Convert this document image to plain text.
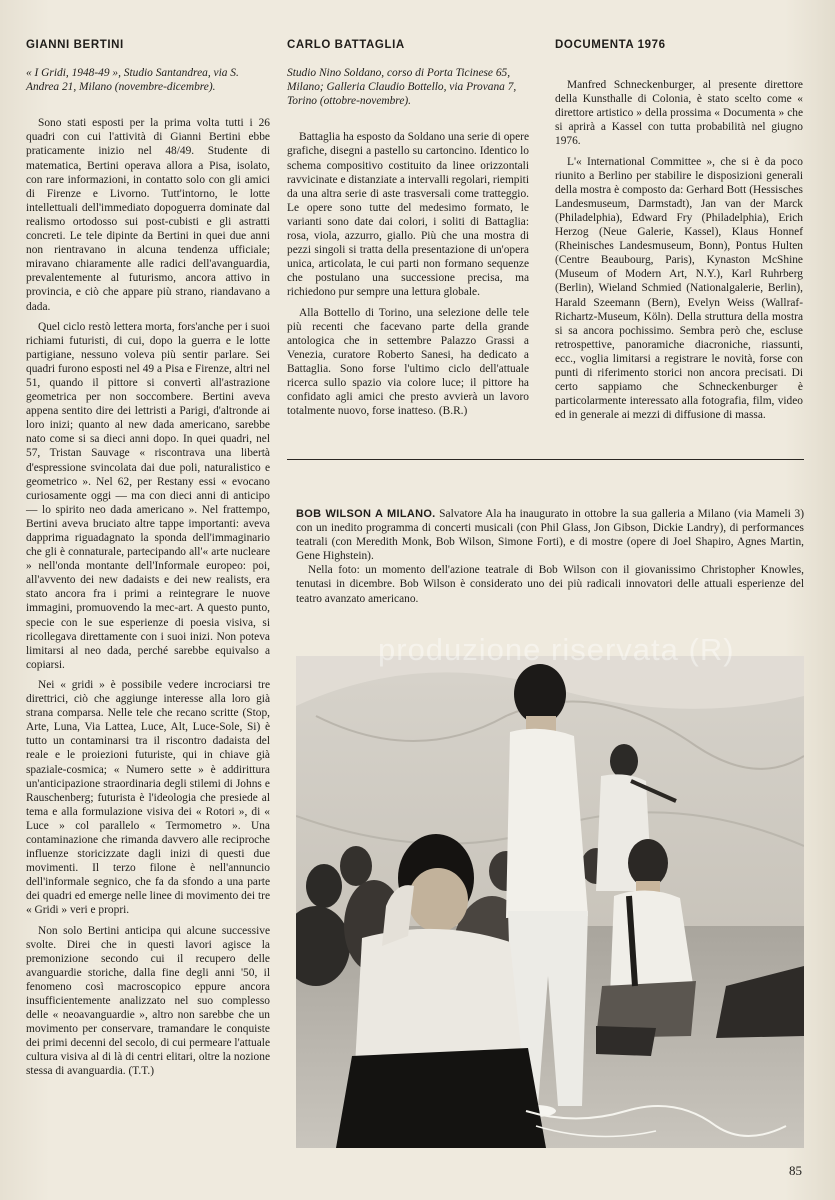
GIANNI BERTINI

« I Gridi, 1948-49 », Studio Santandrea, via S. Andrea 21, Milano (novembre-dicembre).

Sono stati esposti per la prima volta tutti i 26 quadri con cui l'attività di Gianni Bertini ebbe praticamente inizio nel 48/49. Studente di matematica, Bertini operava allora a Pisa, isolato, con rare informazioni, in contatto solo con gli amici di Firenze e Livorno. Tutt'intorno, le lotte intellettuali dell'immediato dopoguerra dominate dal realismo ortodosso sui post-cubisti e gli astratti concreti. Le tele dipinte da Bertini in quei due anni non rientravano in alcuna tendenza ufficiale; miravano chiaramente alle radici dell'avanguardia, prevalentemente al futurismo, ancora attivo in provincia, e ciò che appare più strano, riandavano a dada.

Quel ciclo restò lettera morta, fors'anche per i suoi richiami futuristi, di cui, dopo la guerra e le lotte partigiane, nessuno voleva più sentir parlare. Sei quadri furono esposti nel 49 a Pisa e Firenze, altri nel 51, quando il pittore si convertì all'astrazione geometrica per non soccombere. Bertini aveva appena sentito dire dei lettristi a Parigi, d'altronde ai loro inizi; quanto al new dada americano, sarebbe nato come si sa dieci anni dopo. In quei quadri, nel 57, Tristan Sauvage « riscontrava una libertà d'espressione svincolata dai due poli, naturalistico e geometrico ». Nel 62, per Restany essi « evocano curiosamente oggi — ma con dieci anni di anticipo — lo spirito neo dada americano ». Nel frattempo, Bertini aveva bruciato altre tappe importanti: aveva dapprima riguadagnato la sponda dell'immaginario che gli è connaturale, partecipando all'« arte nucleare » nell'onda montante dell'Informale europeo: poi, all'avvento dei new dadaists e dei new realists, era stato ancora fra i primi a reintegrare le nuove immagini, promuovendo la mec-art. A questo punto, specie con le sue esperienze di poesia visiva, si ricollegava direttamente con i suoi inizi. Non poteva limitarsi al neo dada, perché sarebbe equivalso a copiarsi.

Nei « gridi » è possibile vedere incrociarsi tre direttrici, ciò che aggiunge interesse alla loro già strana comparsa. Nelle tele che recano scritte (Stop, Arte, Luna, Via Lattea, Luce, Alt, Luce-Sole, Si) è tutto un contaminarsi tra il riscontro dadaista del reale e le proiezioni futuriste, qui in chiave già spaziale-cosmica; « Numero sette » è addirittura un'anticipazione straordinaria degli stilemi di Johns e Rauschenberg; futurista è l'ideologia che presiede al tema e alla formulazione visiva dei « Rotori », di « Luce » col parallelo « Termometro ». Una contaminazione che rimanda davvero alle reciproche influenze storicizzate dagli inizi di questi due movimenti. Il terzo filone è nell'annuncio dell'informale segnico, che fa da sfondo a una parte dei quadri ed emerge nelle linee di movimento dei tre « Gridi » veri e propri.

Non solo Bertini anticipa qui alcune successive svolte. Direi che in questi lavori agisce la premonizione secondo cui il recupero delle avanguardie storiche, dalla fine degli anni '50, il fenomeno così macroscopico eppure ancora insufficientemente analizzato nel suo complesso delle « neoavanguardie », altro non sarebbe che un movimento per conservare, tramandare le conquiste dei primi decenni del secolo, di cui permeare l'attuale cultura visiva al di là di centri elitari, oltre la nozione stessa di avanguardia. (T.T.)

CARLO BATTAGLIA

Studio Nino Soldano, corso di Porta Ticinese 65, Milano; Galleria Claudio Bottello, via Provana 7, Torino (ottobre-novembre).

Battaglia ha esposto da Soldano una serie di opere grafiche, disegni a pastello su cartoncino. Identico lo schema compositivo costituito da linee orizzontali ravvicinate e distanziate a intervalli regolari, riempiti da una altra serie di aste trasversali come tratteggio. Le opere sono tutte del medesimo formato, le varianti sono date dai colori, i soliti di Battaglia: rosa, viola, azzurro, giallo. Più che una mostra di pezzi singoli si tratta della presentazione di un'opera unica, articolata, le cui parti non formano sequenze che postulano una successione precisa, ma richiedono pur sempre una lettura globale.

Alla Bottello di Torino, una selezione delle tele più recenti che facevano parte della grande antologica che in settembre Palazzo Grassi a Venezia, curatore Roberto Sanesi, ha dedicato a Battaglia. Sono forse l'ultimo ciclo dell'attuale ricerca sullo spazio via colore luce; il pittore ha confidato agli amici che presto avvierà un lavoro totalmente nuovo, forse inatteso. (B.R.)

DOCUMENTA 1976

Manfred Schneckenburger, al presente direttore della Kunsthalle di Colonia, è stato scelto come « direttore artistico » della prossima « Documenta » che si aprirà a Kassel con tutta probabilità nel giugno 1976.

L'« International Committee », che si è da poco riunito a Berlino per stabilire le disposizioni generali della mostra è composto da: Gerhard Bott (Hessisches Landesmuseum, Darmstadt), Jan van der Marck (Philadelphia), Edward Fry (Philadelphia), Erich Herzog (Neue Galerie, Kassel), Klaus Honnef (Rheinisches Landesmuseum, Bonn), Pontus Hulten (Centre Beaubourg, Paris), Kynaston McShine (Museum of Modern Art, N.Y.), Karl Ruhrberg (Berlin), Wieland Schmied (Nationalgalerie, Berlin), Harald Szeemann (Bern), Evelyn Weiss (Wallraf-Richartz-Museum, Köln). Della struttura della mostra si sa ancora pochissimo. Sembra però che, escluse retrospettive, panoramiche diacroniche, riassunti, ecc., voglia limitarsi a registrare le novità, forse con punti di riferimento storici non ancora precisati. Di certo sappiamo che Schneckenburger è particolarmente interessato alla fotografia, film, video ed in generale ai mezzi di diffusione di massa.

BOB WILSON A MILANO. Salvatore Ala ha inaugurato in ottobre la sua galleria a Milano (via Mameli 3) con un inedito programma di concerti musicali (con Phil Glass, Jon Gibson, Dickie Landry), di performances teatrali (con Meredith Monk, Bob Wilson, Simone Forti), e di mostre (opere di Joel Shapiro, Agnes Martin, Gene Highstein).

Nella foto: un momento dell'azione teatrale di Bob Wilson con il giovanissimo Christopher Knowles, tenutasi in dicembre. Bob Wilson è considerato uno dei più radicali innovatori delle attuali esperienze del teatro avanzato americano.

produzione riservata (R)
85
